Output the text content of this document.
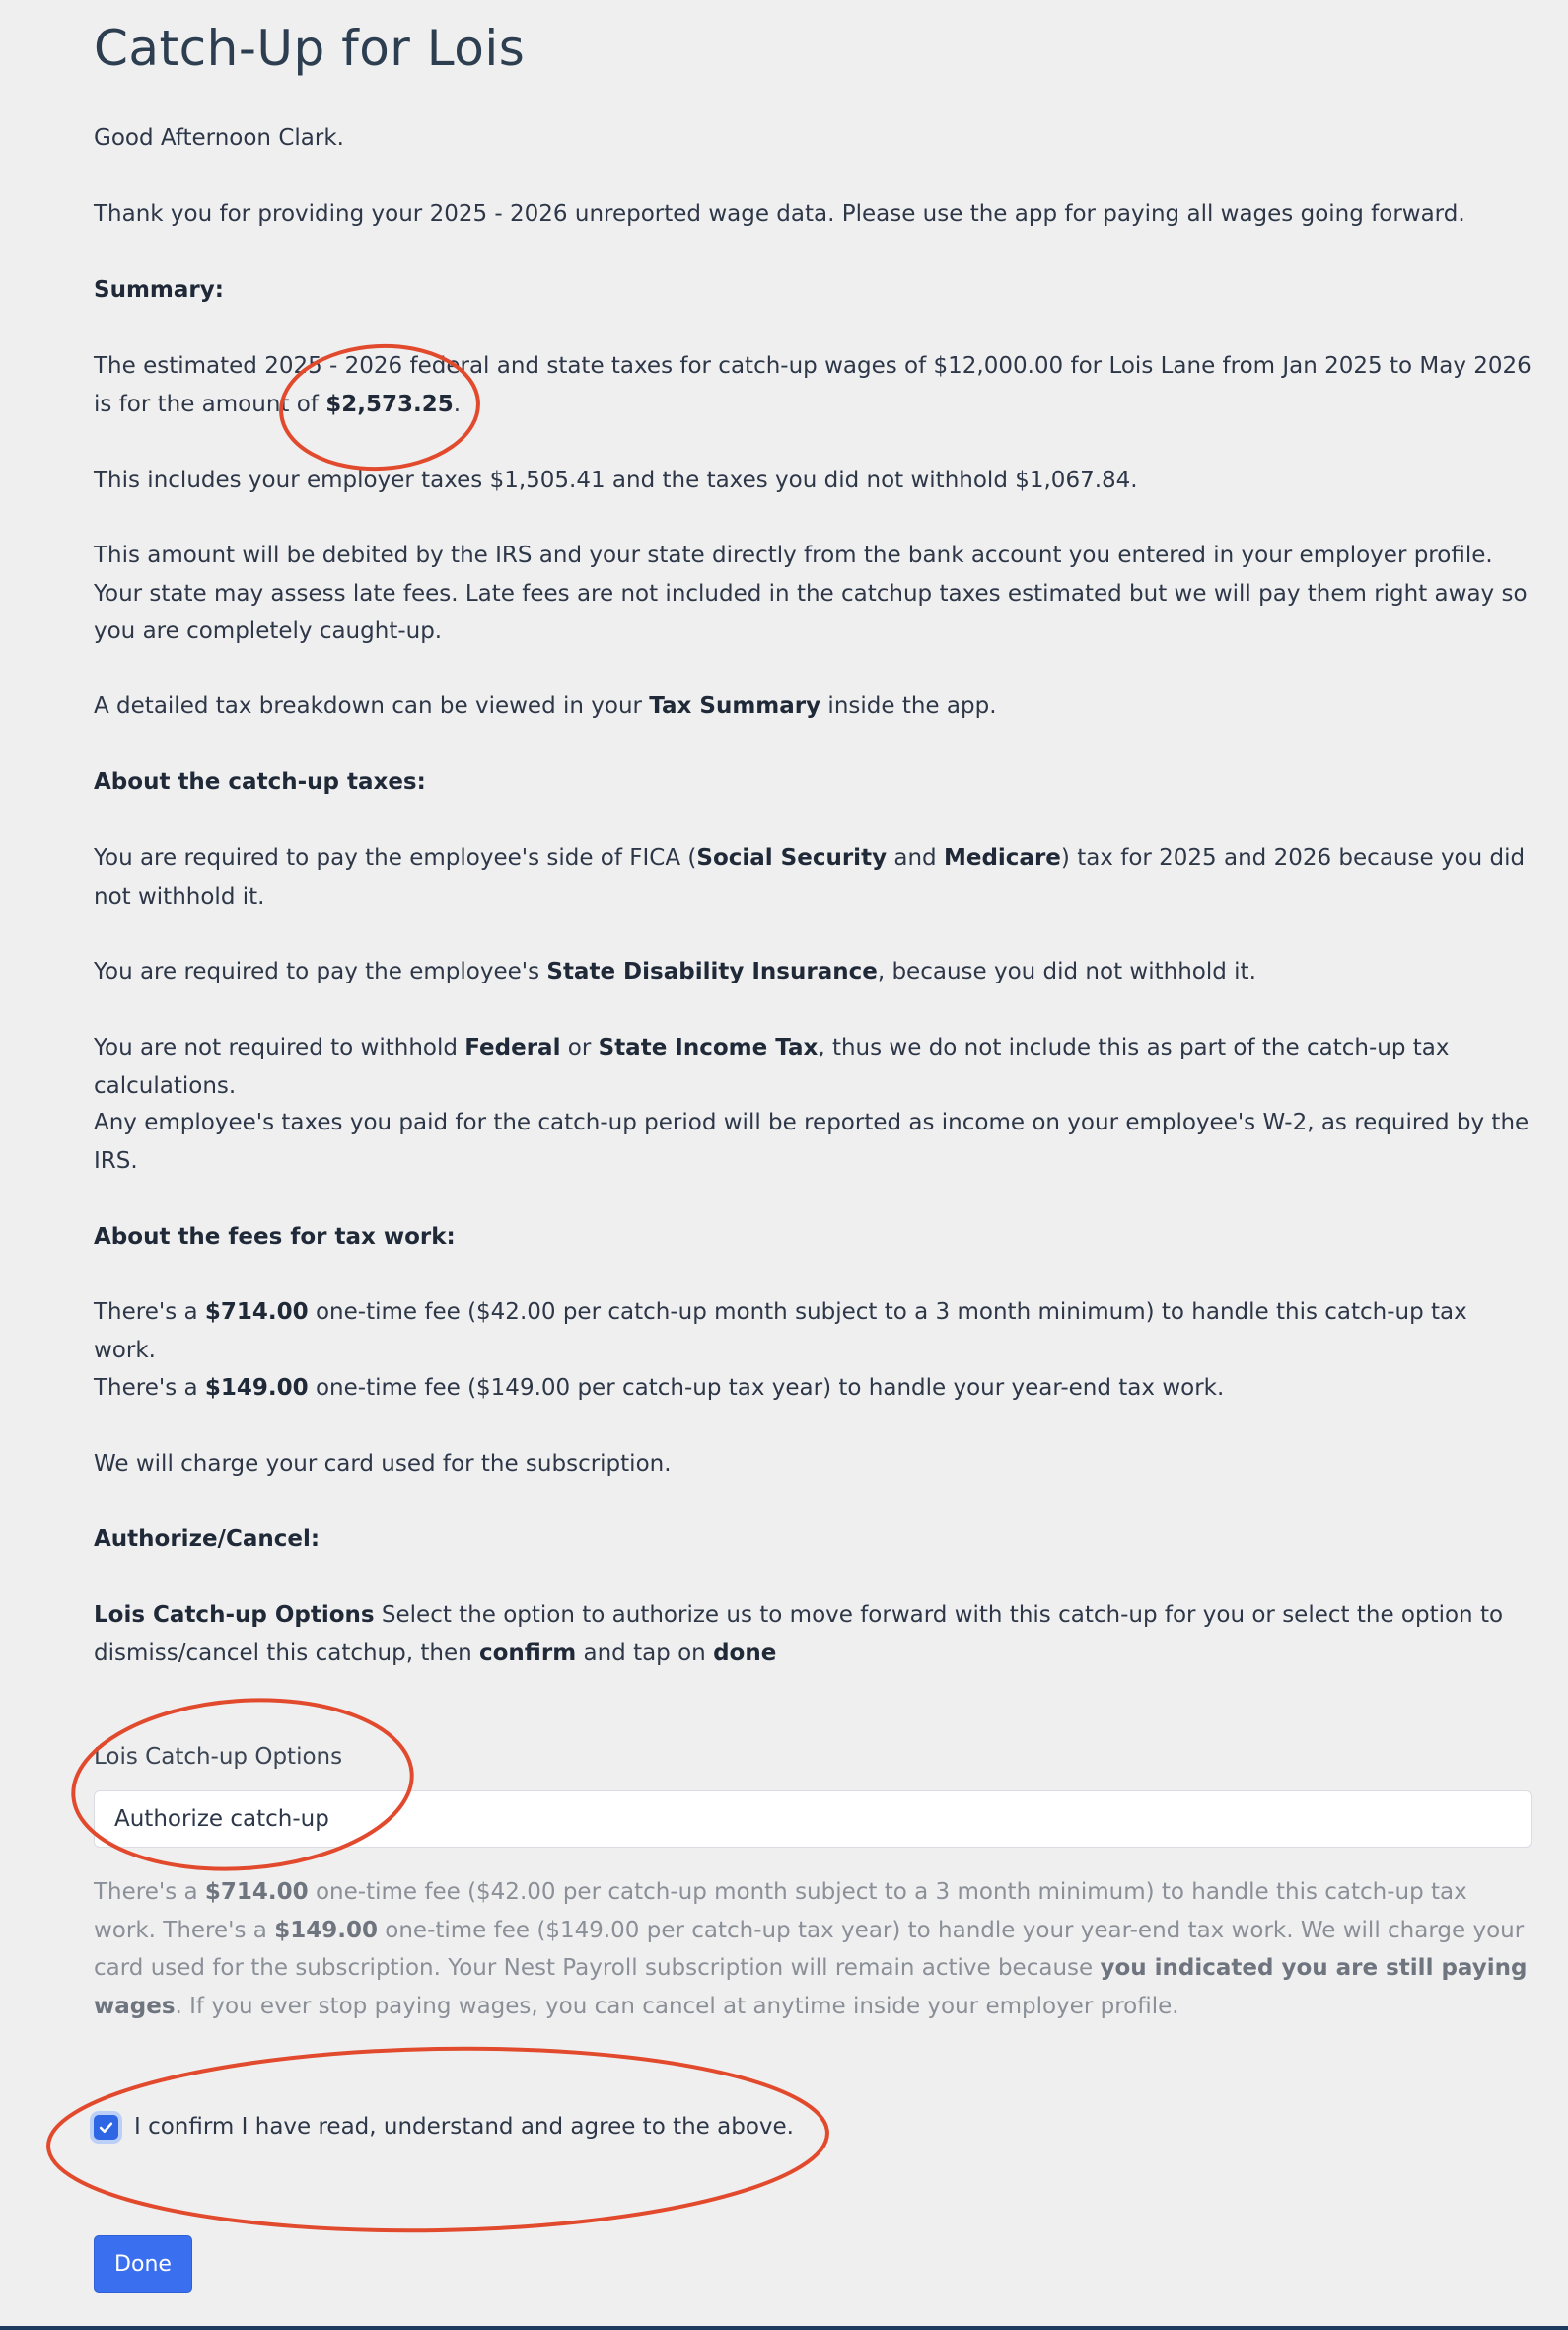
Catch-Up for Lois

Good Afternoon Clark.

Thank you for providing your 2025 - 2026 unreported wage data. Please use the app for paying all wages going forward.

Summary:

The estimated 2025 - 2026 federal and state taxes for catch-up wages of $12,000.00 for Lois Lane from Jan 2025 to May 2026 is for the amount of $2,573.25.

This includes your employer taxes $1,505.41 and the taxes you did not withhold $1,067.84.

This amount will be debited by the IRS and your state directly from the bank account you entered in your employer profile. Your state may assess late fees. Late fees are not included in the catchup taxes estimated but we will pay them right away so you are completely caught-up.

A detailed tax breakdown can be viewed in your Tax Summary inside the app.

About the catch-up taxes:

You are required to pay the employee's side of FICA (Social Security and Medicare) tax for 2025 and 2026 because you did not withhold it.

You are required to pay the employee's State Disability Insurance, because you did not withhold it.

You are not required to withhold Federal or State Income Tax, thus we do not include this as part of the catch-up tax calculations.

Any employee's taxes you paid for the catch-up period will be reported as income on your employee's W-2, as required by the IRS.

About the fees for tax work:

There's a $714.00 one-time fee ($42.00 per catch-up month subject to a 3 month minimum) to handle this catch-up tax work.

There's a $149.00 one-time fee ($149.00 per catch-up tax year) to handle your year-end tax work.

We will charge your card used for the subscription.

Authorize/Cancel:

Lois Catch-up Options Select the option to authorize us to move forward with this catch-up for you or select the option to dismiss/cancel this catchup, then confirm and tap on done

Lois Catch-up Options
Authorize catch-up

There's a $714.00 one-time fee ($42.00 per catch-up month subject to a 3 month minimum) to handle this catch-up tax work. There's a $149.00 one-time fee ($149.00 per catch-up tax year) to handle your year-end tax work. We will charge your card used for the subscription. Your Nest Payroll subscription will remain active because you indicated you are still paying wages. If you ever stop paying wages, you can cancel at anytime inside your employer profile.

I confirm I have read, understand and agree to the above.
Done
